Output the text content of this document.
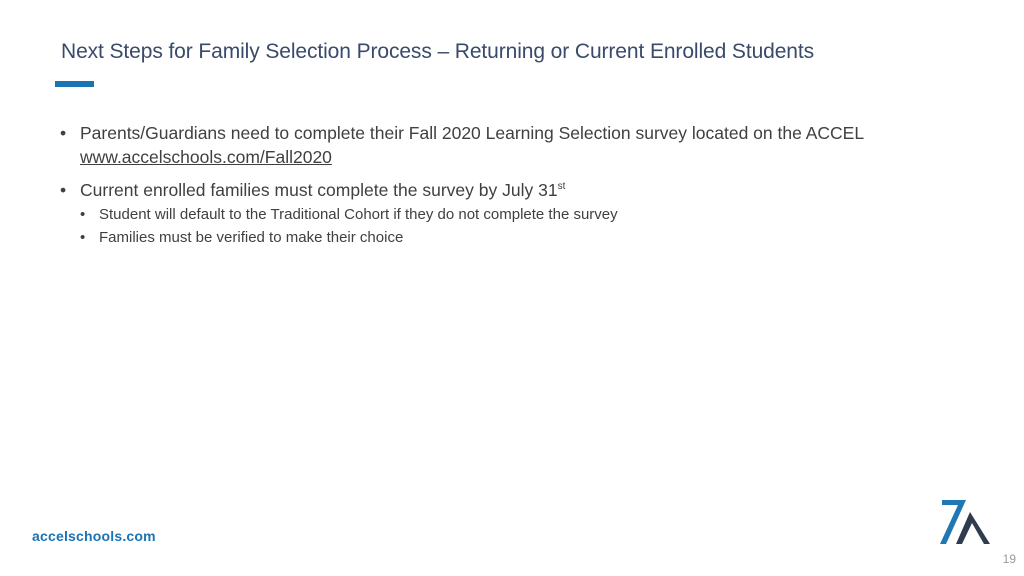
Next Steps for Family Selection Process – Returning or Current Enrolled Students
• Parents/Guardians need to complete their Fall 2020 Learning Selection survey located on the ACCEL www.accelschools.com/Fall2020
• Current enrolled families must complete the survey by July 31st
• Student will default to the Traditional Cohort if they do not complete the survey
• Families must be verified to make their choice
accelschools.com
19
